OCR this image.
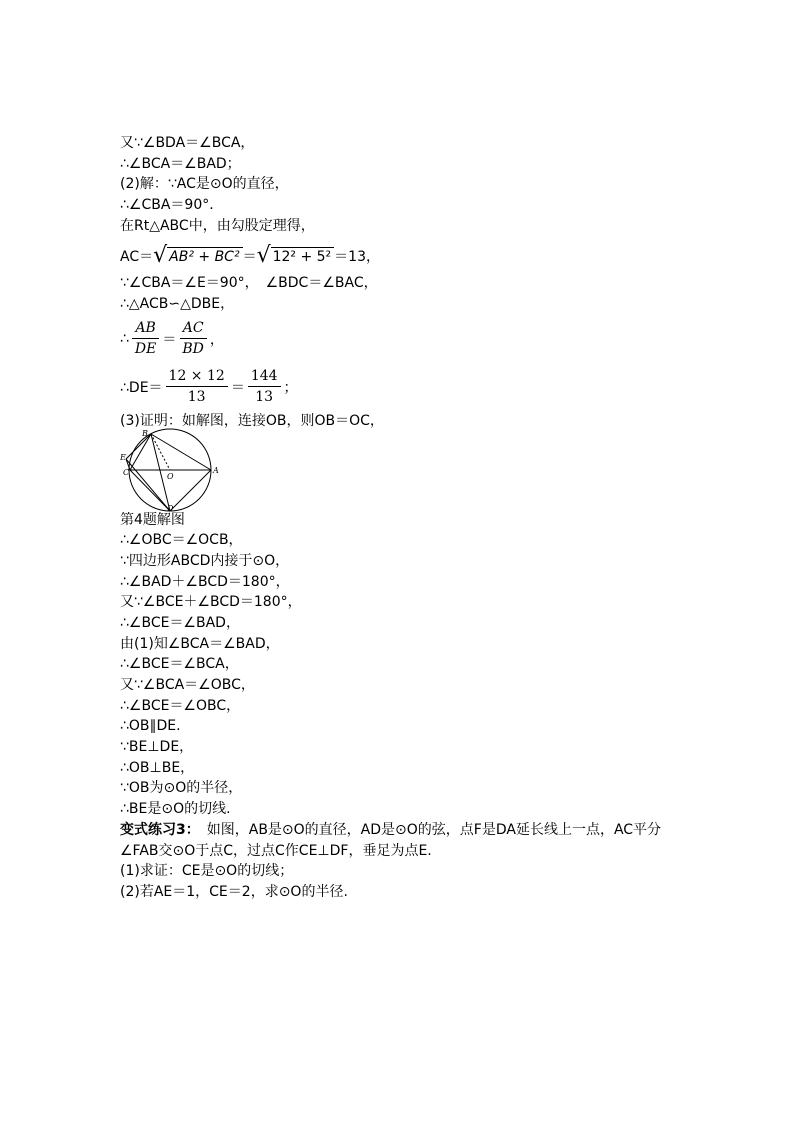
又∵∠BDA＝∠BCA，
∴∠BCA＝∠BAD；
(2)解：∵AC是⊙O的直径，
∴∠CBA＝90°.
在Rt△ABC中，由勾股定理得，
AC＝ √ AB² + BC² ＝ √ 12² + 5² ＝13，
∵∠CBA＝∠E＝90°，　∠BDC＝∠BAC，
∴△ACB∽△DBE，
∴ $\frac{AB}{DE} = \frac{AC}{BD}$ ，
∴DE＝ $\frac{12 \times 12}{13} = \frac{144}{13}$ ；
(3)证明：如解图，连接OB，则OB＝OC，
B
E
C	O
A
D
第4题解图
∴∠OBC＝∠OCB，
∵四边形ABCD内接于⊙O，
∴∠BAD＋∠BCD＝180°，
又∵∠BCE＋∠BCD＝180°，
∴∠BCE＝∠BAD，
由(1)知∠BCA＝∠BAD，
∴∠BCE＝∠BCA，
又∵∠BCA＝∠OBC，
∴∠BCE＝∠OBC，
∴OB∥DE.
∵BE⊥DE，
∴OB⊥BE，
∵OB为⊙O的半径，
∴BE是⊙O的切线.
变式练习3：　如图，AB是⊙O的直径，AD是⊙O的弦，点F是DA延长线上一点，AC平分∠FAB交⊙O于点C，过点C作CE⊥DF，垂足为点E.
(1)求证：CE是⊙O的切线；
(2)若AE＝1，CE＝2，求⊙O的半径.
